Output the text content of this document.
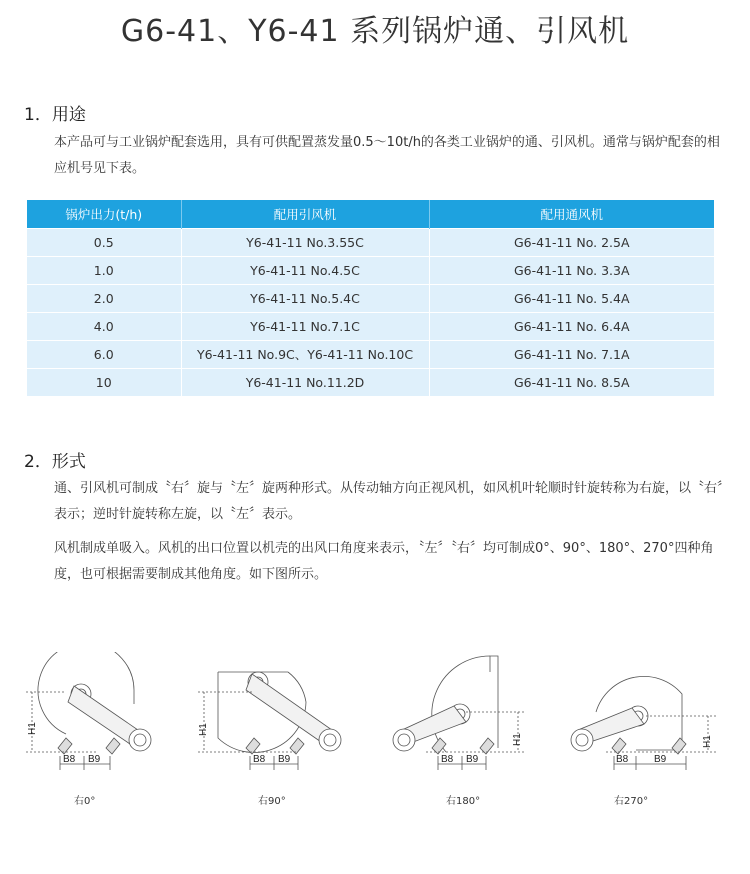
G6-41、Y6-41 系列锅炉通、引风机
1．用途
本产品可与工业锅炉配套选用，具有可供配置蒸发量0.5～10t/h的各类工业锅炉的通、引风机。通常与锅炉配套的相应机号见下表。
锅炉出力(t/h)	配用引风机	配用通风机
0.5	Y6-41-11 No.3.55C	G6-41-11 No. 2.5A
1.0	Y6-41-11 No.4.5C	G6-41-11 No. 3.3A
2.0	Y6-41-11 No.5.4C	G6-41-11 No. 5.4A
4.0	Y6-41-11 No.7.1C	G6-41-11 No. 6.4A
6.0	Y6-41-11 No.9C、Y6-41-11 No.10C	G6-41-11 No. 7.1A
10	Y6-41-11 No.11.2D	G6-41-11 No. 8.5A
2．形式
通、引风机可制成〝右〞旋与〝左〞旋两种形式。从传动轴方向正视风机，如风机叶轮顺时针旋转称为右旋，以〝右〞表示；逆时针旋转称左旋，以〝左〞表示。
风机制成单吸入。风机的出口位置以机壳的出风口角度来表示，〝左〞〝右〞均可制成0°、90°、180°、270°四种角度，也可根据需要制成其他角度。如下图所示。
H1
B8 B9
右0°
H1
B8 B9
右90°
H1
B8 B9
右180°
H1
B8	B9
右270°
